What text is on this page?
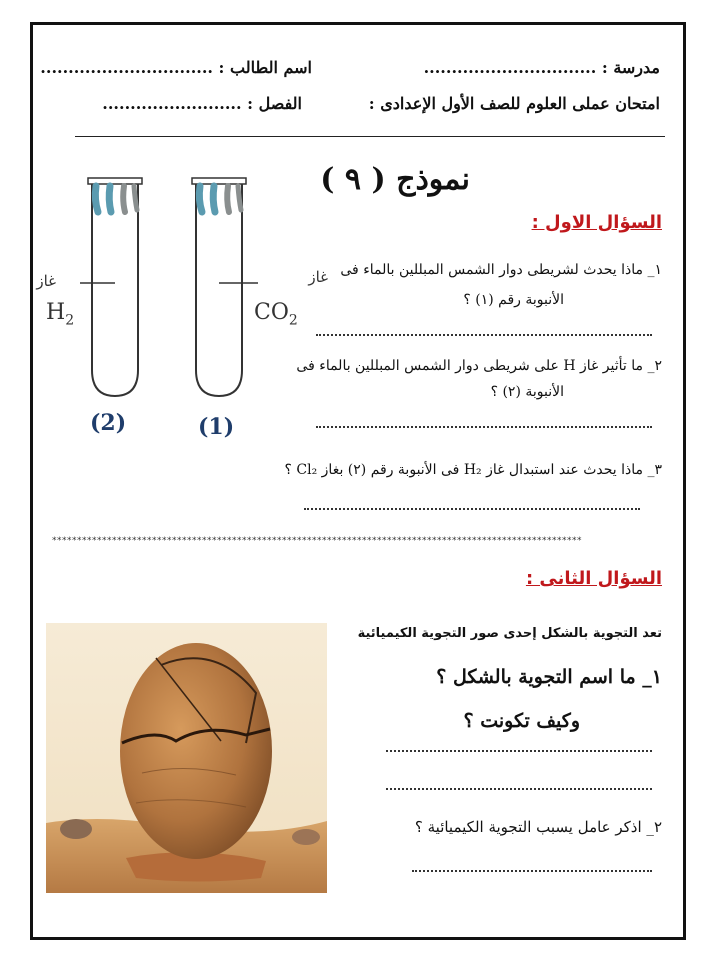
مدرسة : ...............................
اسم الطالب : ...............................
امتحان عملى العلوم للصف الأول الإعدادى :
الفصل : .........................
نموذج ( ٩ )
السؤال الاول :
١_ ماذا يحدث لشريطى دوار الشمس المبللين بالماء فى
الأنبوبة رقم (١) ؟
٢_ ما تأثير غاز H على شريطى دوار الشمس المبللين بالماء فى
الأنبوبة (٢) ؟
٣_ ماذا يحدث عند استبدال غاز H₂ فى الأنبوبة رقم (٢) بغاز Cl₂ ؟
غاز
$H_2$
غاز
$CO_2$
(2)	(1)
**********************************************************************************************************
السؤال الثانى :
تعد التجوية بالشكل إحدى صور التجوية الكيميائية
١_ ما اسم التجوية بالشكل ؟
وكيف تكونت ؟
٢_ اذكر عامل يسبب التجوية الكيميائية ؟
